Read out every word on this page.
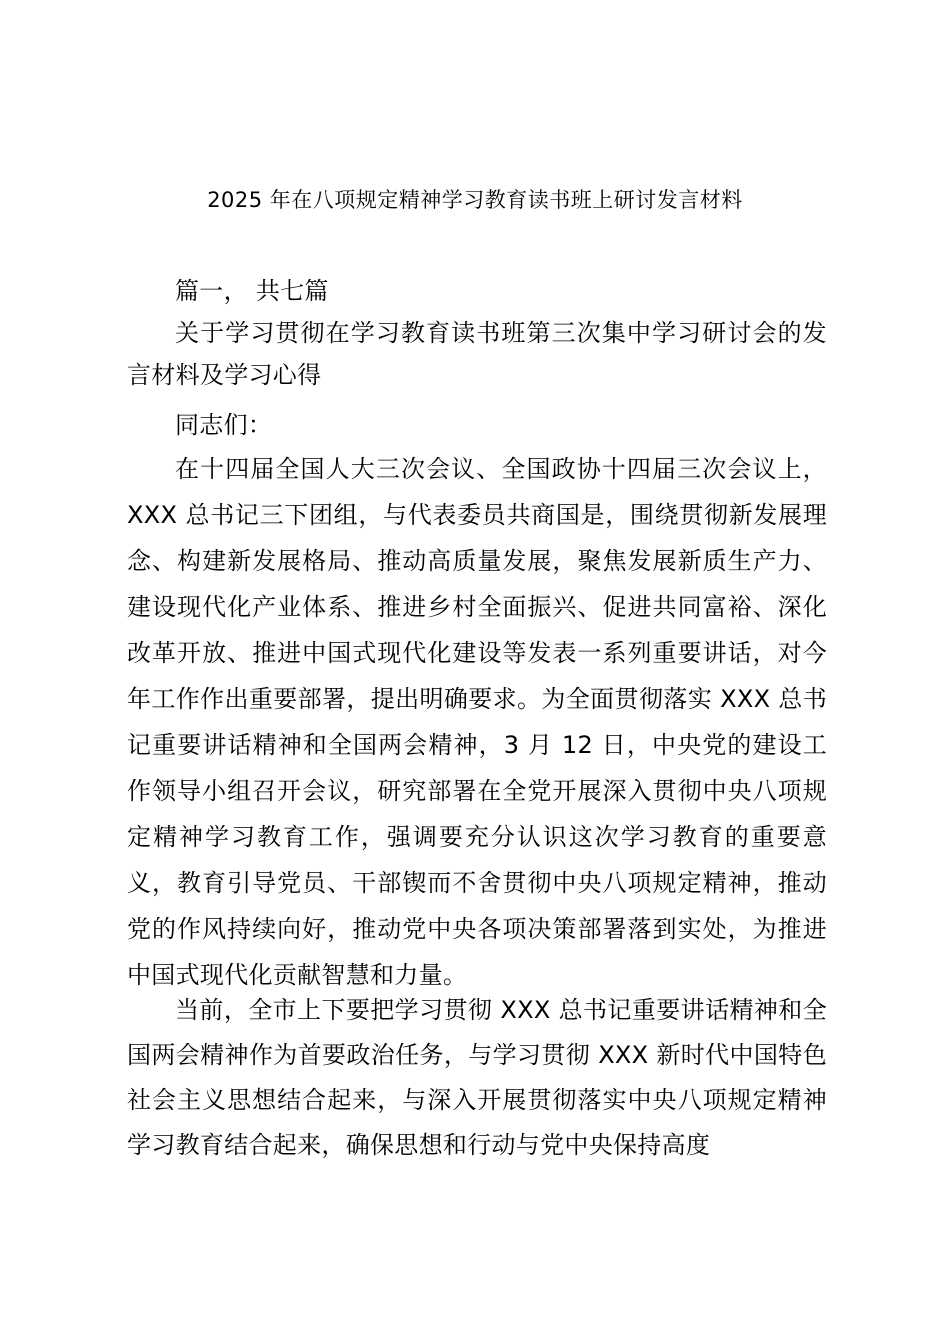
2025 年在八项规定精神学习教育读书班上研讨发言材料

篇一， 共七篇

关于学习贯彻在学习教育读书班第三次集中学习研讨会的发言材料及学习心得

同志们：

在十四届全国人大三次会议、全国政协十四届三次会议上，XXX 总书记三下团组，与代表委员共商国是，围绕贯彻新发展理念、构建新发展格局、推动高质量发展，聚焦发展新质生产力、建设现代化产业体系、推进乡村全面振兴、促进共同富裕、深化改革开放、推进中国式现代化建设等发表一系列重要讲话，对今年工作作出重要部署，提出明确要求。为全面贯彻落实 XXX 总书记重要讲话精神和全国两会精神，3 月 12 日，中央党的建设工作领导小组召开会议，研究部署在全党开展深入贯彻中央八项规定精神学习教育工作，强调要充分认识这次学习教育的重要意义，教育引导党员、干部锲而不舍贯彻中央八项规定精神，推动党的作风持续向好，推动党中央各项决策部署落到实处，为推进中国式现代化贡献智慧和力量。

当前，全市上下要把学习贯彻 XXX 总书记重要讲话精神和全国两会精神作为首要政治任务，与学习贯彻 XXX 新时代中国特色社会主义思想结合起来，与深入开展贯彻落实中央八项规定精神学习教育结合起来，确保思想和行动与党中央保持高度
